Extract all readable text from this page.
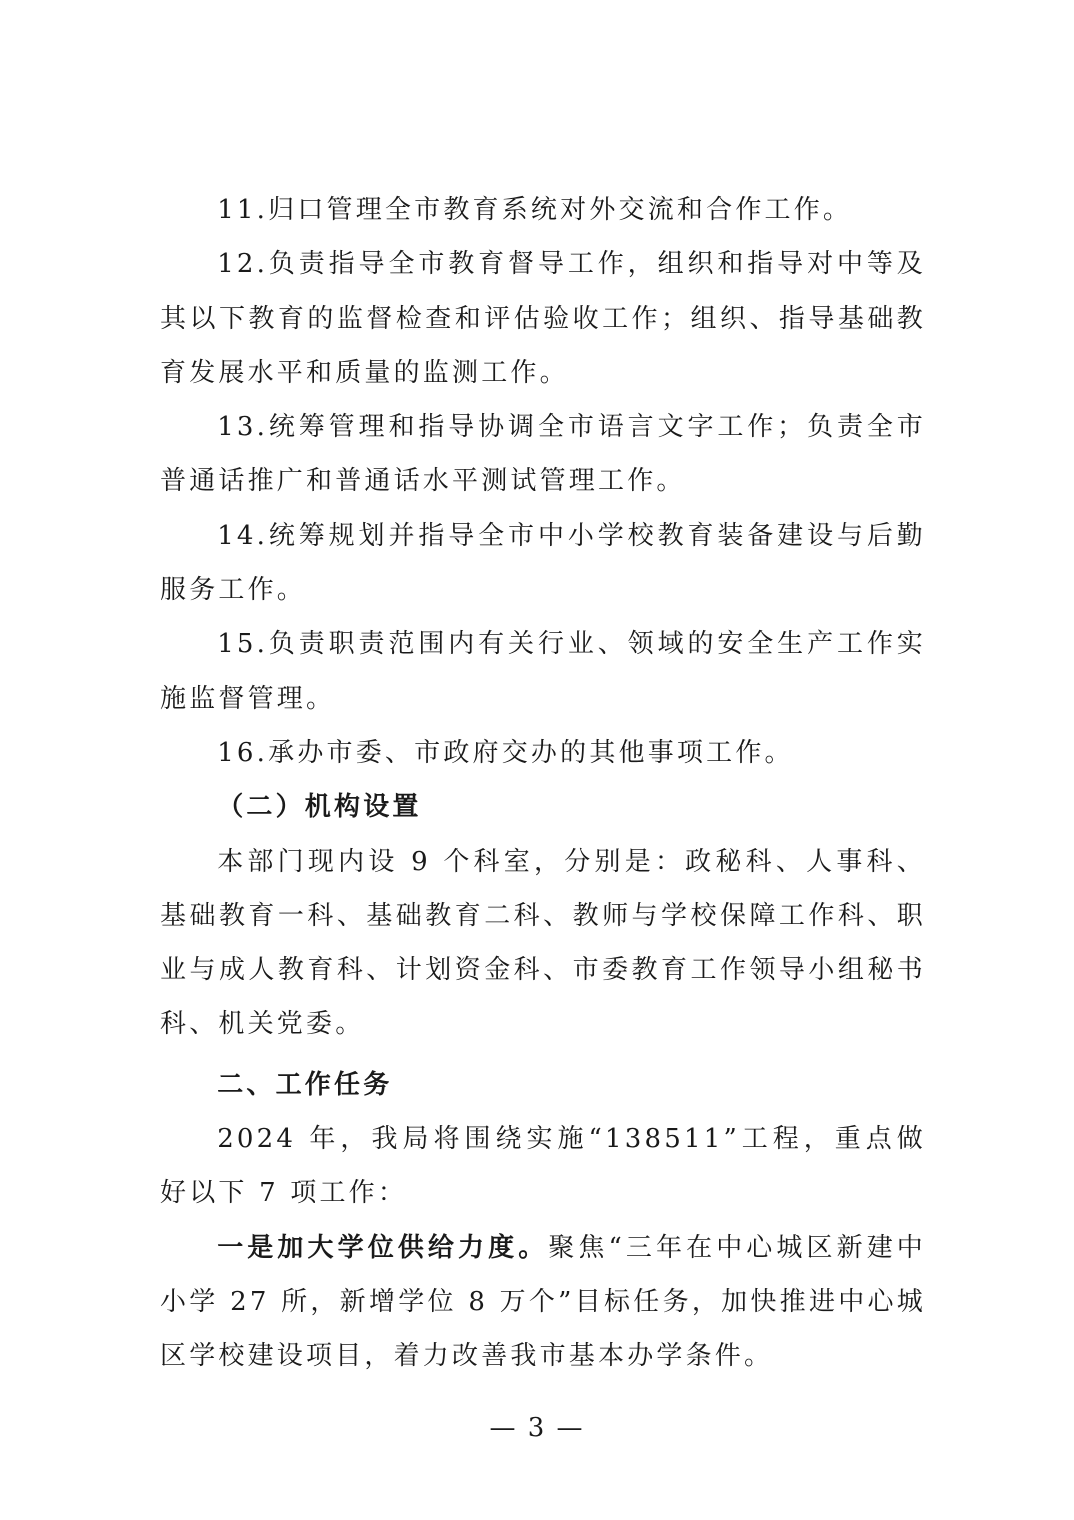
11.归口管理全市教育系统对外交流和合作工作。

12.负责指导全市教育督导工作，组织和指导对中等及其以下教育的监督检查和评估验收工作；组织、指导基础教育发展水平和质量的监测工作。

13.统筹管理和指导协调全市语言文字工作；负责全市普通话推广和普通话水平测试管理工作。

14.统筹规划并指导全市中小学校教育装备建设与后勤服务工作。

15.负责职责范围内有关行业、领域的安全生产工作实施监督管理。

16.承办市委、市政府交办的其他事项工作。

（二）机构设置

本部门现内设 9 个科室，分别是：政秘科、人事科、基础教育一科、基础教育二科、教师与学校保障工作科、职业与成人教育科、计划资金科、市委教育工作领导小组秘书科、机关党委。

二、工作任务

2024 年，我局将围绕实施“138511”工程，重点做好以下 7 项工作：

一是加大学位供给力度。聚焦“三年在中心城区新建中小学 27 所，新增学位 8 万个”目标任务，加快推进中心城区学校建设项目，着力改善我市基本办学条件。

— 3 —
